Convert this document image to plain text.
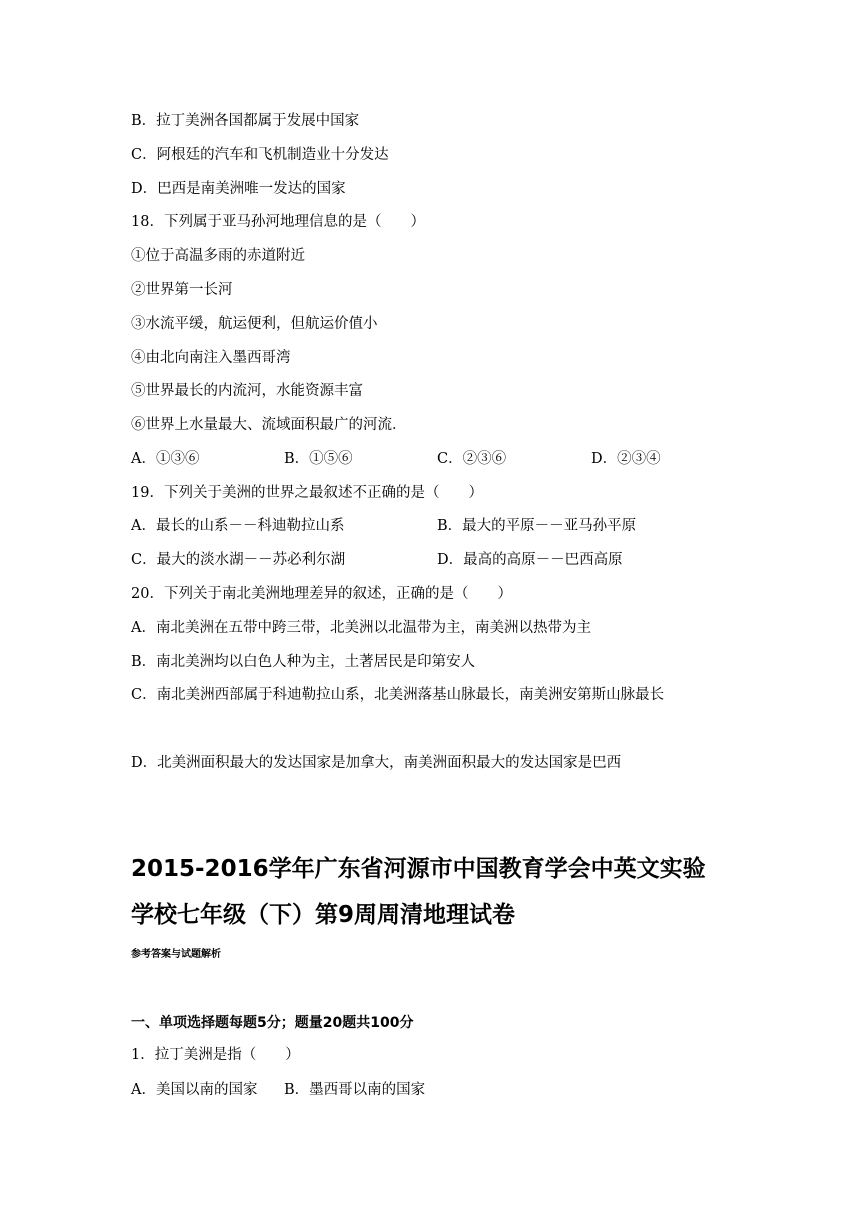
B．拉丁美洲各国都属于发展中国家
C．阿根廷的汽车和飞机制造业十分发达
D．巴西是南美洲唯一发达的国家
18．下列属于亚马孙河地理信息的是（　　）
①位于高温多雨的赤道附近
②世界第一长河
③水流平缓，航运便利，但航运价值小
④由北向南注入墨西哥湾
⑤世界最长的内流河，水能资源丰富
⑥世界上水量最大、流域面积最广的河流．
A．①③⑥	B．①⑤⑥	C．②③⑥	D．②③④
19．下列关于美洲的世界之最叙述不正确的是（　　）
A．最长的山系－－科迪勒拉山系	B．最大的平原－－亚马孙平原
C．最大的淡水湖－－苏必利尔湖	D．最高的高原－－巴西高原
20．下列关于南北美洲地理差异的叙述，正确的是（　　）
A．南北美洲在五带中跨三带，北美洲以北温带为主，南美洲以热带为主
B．南北美洲均以白色人种为主，土著居民是印第安人
C．南北美洲西部属于科迪勒拉山系，北美洲落基山脉最长，南美洲安第斯山脉最长
D．北美洲面积最大的发达国家是加拿大，南美洲面积最大的发达国家是巴西
2015-2016学年广东省河源市中国教育学会中英文实验
学校七年级（下）第9周周清地理试卷
参考答案与试题解析
一、单项选择题每题5分；题量20题共100分
1．拉丁美洲是指（　　）
A．美国以南的国家 B．墨西哥以南的国家
